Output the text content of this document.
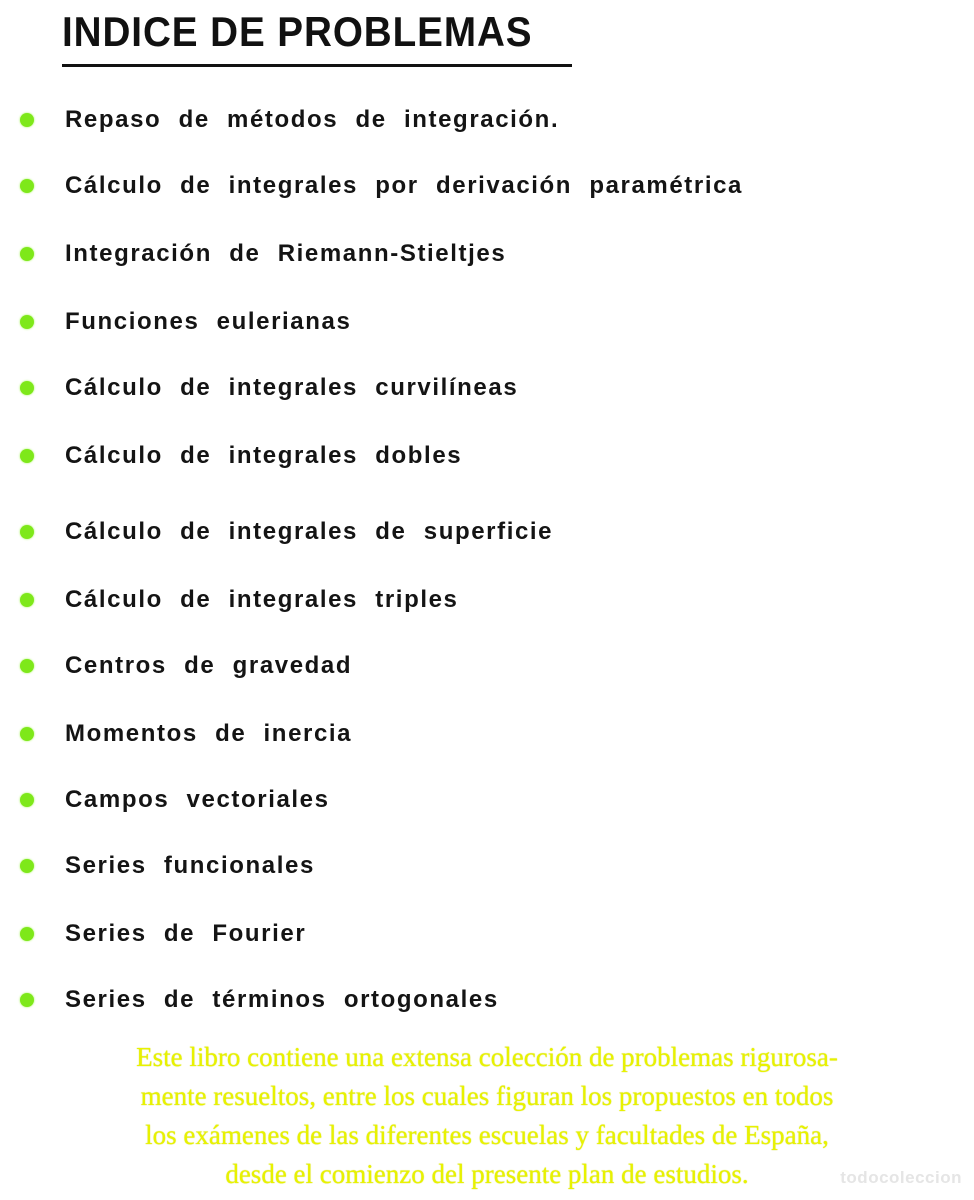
INDICE DE PROBLEMAS
Repaso de métodos de integración.
Cálculo de integrales por derivación paramétrica
Integración de Riemann-Stieltjes
Funciones eulerianas
Cálculo de integrales curvilíneas
Cálculo de integrales dobles
Cálculo de integrales de superficie
Cálculo de integrales triples
Centros de gravedad
Momentos de inercia
Campos vectoriales
Series funcionales
Series de Fourier
Series de términos ortogonales
Este libro contiene una extensa colección de problemas rigurosa-
mente resueltos, entre los cuales figuran los propuestos en todos
los exámenes de las diferentes escuelas y facultades de España,
desde el comienzo del presente plan de estudios.	todocoleccion
